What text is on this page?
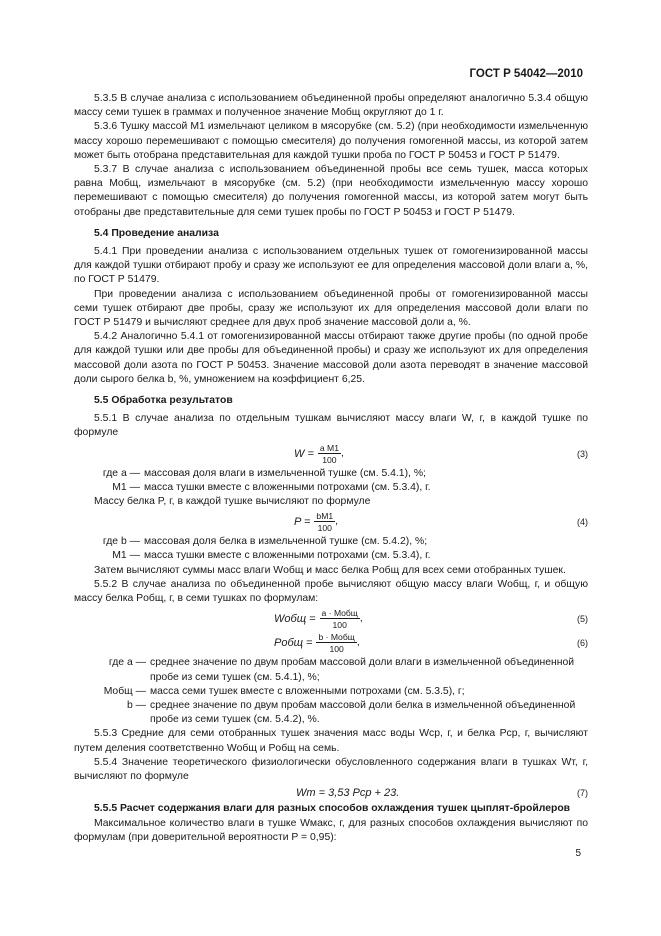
ГОСТ Р 54042—2010

5.3.5 В случае анализа с использованием объединенной пробы определяют аналогично 5.3.4 общую массу семи тушек в граммах и полученное значение Mобщ округляют до 1 г.

5.3.6 Тушку массой M1 измельчают целиком в мясорубке (см. 5.2) (при необходимости измельченную массу хорошо перемешивают с помощью смесителя) до получения гомогенной массы, из которой затем может быть отобрана представительная для каждой тушки проба по ГОСТ Р 50453 и ГОСТ Р 51479.

5.3.7 В случае анализа с использованием объединенной пробы все семь тушек, масса которых равна Mобщ, измельчают в мясорубке (см. 5.2) (при необходимости измельченную массу хорошо перемешивают с помощью смесителя) до получения гомогенной массы, из которой затем могут быть отобраны две представительные для семи тушек пробы по ГОСТ Р 50453 и ГОСТ Р 51479.

5.4 Проведение анализа

5.4.1 При проведении анализа с использованием отдельных тушек от гомогенизированной массы для каждой тушки отбирают пробу и сразу же используют ее для определения массовой доли влаги a, %, по ГОСТ Р 51479.

При проведении анализа с использованием объединенной пробы от гомогенизированной массы семи тушек отбирают две пробы, сразу же используют их для определения массовой доли влаги по ГОСТ Р 51479 и вычисляют среднее для двух проб значение массовой доли a, %.

5.4.2 Аналогично 5.4.1 от гомогенизированной массы отбирают также другие пробы (по одной пробе для каждой тушки или две пробы для объединенной пробы) и сразу же используют их для определения массовой доли азота по ГОСТ Р 50453. Значение массовой доли азота переводят в значение массовой доли сырого белка b, %, умножением на коэффициент 6,25.

5.5 Обработка результатов

5.5.1 В случае анализа по отдельным тушкам вычисляют массу влаги W, г, в каждой тушке по формуле

$W = \frac{\text{a M1}}{100}$ ,	(3)
где a — массовая доля влаги в измельченной тушке (см. 5.4.1), %;
M1 — масса тушки вместе с вложенными потрохами (см. 5.3.4), г.

Массу белка P, г, в каждой тушке вычисляют по формуле

$P = \frac{bM1}{100}$ ,	(4)
где b — массовая доля белка в измельченной тушке (см. 5.4.2), %;
M1 — масса тушки вместе с вложенными потрохами (см. 5.3.4), г.

Затем вычисляют суммы масс влаги Wобщ и масс белка Pобщ для всех семи отобранных тушек.

5.5.2 В случае анализа по объединенной пробе вычисляют общую массу влаги Wобщ, г, и общую массу белка Pобщ, г, в семи тушках по формулам:

Wобщ = $\frac{\text{a · Mобщ}}{100}$ ,	(5)
Pобщ = $\frac{\text{b · Mобщ}}{100}$ ,	(6)
где a — среднее значение по двум пробам массовой доли влаги в измельченной объединенной пробе из семи тушек (см. 5.4.1), %;
Mобщ — масса семи тушек вместе с вложенными потрохами (см. 5.3.5), г;
b — среднее значение по двум пробам массовой доли белка в измельченной объединенной пробе из семи тушек (см. 5.4.2), %.

5.5.3 Средние для семи отобранных тушек значения масс воды Wср, г, и белка Pср, г, вычисляют путем деления соответственно Wобщ и Pобщ на семь.

5.5.4 Значение теоретического физиологически обусловленного содержания влаги в тушках Wт, г, вычисляют по формуле

Wт = 3,53 Pср + 23.	(7)

5.5.5 Расчет содержания влаги для разных способов охлаждения тушек цыплят-бройлеров

Максимальное количество влаги в тушке Wмакс, г, для разных способов охлаждения вычисляют по формулам (при доверительной вероятности P = 0,95):

5
